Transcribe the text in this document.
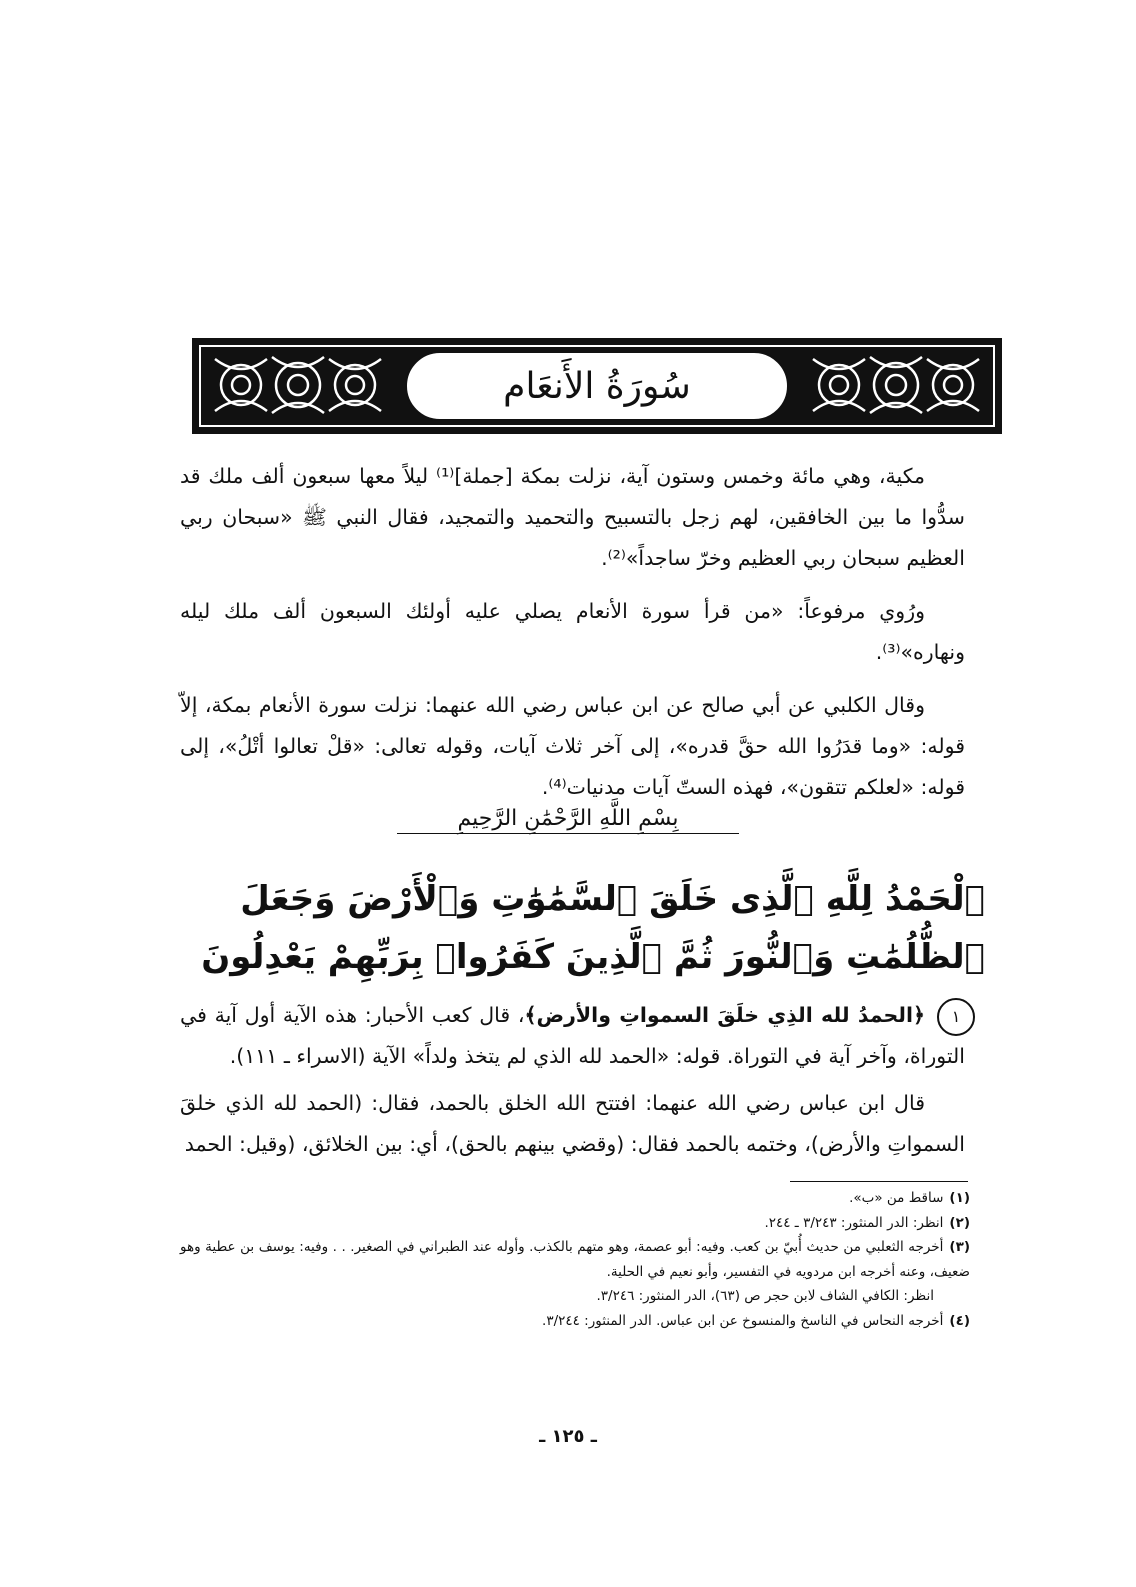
سُورَةُ الأَنعَام

مكية، وهي مائة وخمس وستون آية، نزلت بمكة [جملة]⁽¹⁾ ليلاً معها سبعون ألف ملك قد سدُّوا ما بين الخافقين، لهم زجل بالتسبيح والتحميد والتمجيد، فقال النبي ﷺ «سبحان ربي العظيم سبحان ربي العظيم وخرّ ساجداً»⁽²⁾.

ورُوي مرفوعاً: «من قرأ سورة الأنعام يصلي عليه أولئك السبعون ألف ملك ليله ونهاره»⁽³⁾.

وقال الكلبي عن أبي صالح عن ابن عباس رضي الله عنهما: نزلت سورة الأنعام بمكة، إلاّ قوله: «وما قدَرُوا الله حقَّ قدره»، إلى آخر ثلاث آيات، وقوله تعالى: «قلْ تعالوا أتْلُ»، إلى قوله: «لعلكم تتقون»، فهذه الستّ آيات مدنيات⁽⁴⁾.

بِسْمِ اللَّهِ الرَّحْمَٰنِ الرَّحِيمِ
ٱلْحَمْدُ لِلَّهِ ٱلَّذِى خَلَقَ ٱلسَّمَٰوَٰتِ وَٱلْأَرْضَ وَجَعَلَ ٱلظُّلُمَٰتِ وَٱلنُّورَ ثُمَّ ٱلَّذِينَ كَفَرُوا۟ بِرَبِّهِمْ يَعْدِلُونَ ١

﴿الحمدُ لله الذِي خلَقَ السمواتِ والأرض﴾، قال كعب الأحبار: هذه الآية أول آية في التوراة، وآخر آية في التوراة. قوله: «الحمد لله الذي لم يتخذ ولداً» الآية (الاسراء ـ ١١١).

قال ابن عباس رضي الله عنهما: افتتح الله الخلق بالحمد، فقال: (الحمد لله الذي خلقَ السمواتِ والأرض)، وختمه بالحمد فقال: (وقضي بينهم بالحق)، أي: بين الخلائق، (وقيل: الحمد

(١)ساقط من «ب».

(٢)انظر: الدر المنثور: ٣/٢٤٣ ـ ٢٤٤.

(٣)أخرجه الثعلبي من حديث أُبيّ بن كعب. وفيه: أبو عصمة، وهو متهم بالكذب. وأوله عند الطبراني في الصغير. . . وفيه: يوسف بن عطية وهو ضعيف، وعنه أخرجه ابن مردويه في التفسير، وأبو نعيم في الحلية.

انظر: الكافي الشاف لابن حجر ص (٦٣)، الدر المنثور: ٣/٢٤٦.

(٤)أخرجه النحاس في الناسخ والمنسوخ عن ابن عباس. الدر المنثور: ٣/٢٤٤.

ـ ١٢٥ ـ
